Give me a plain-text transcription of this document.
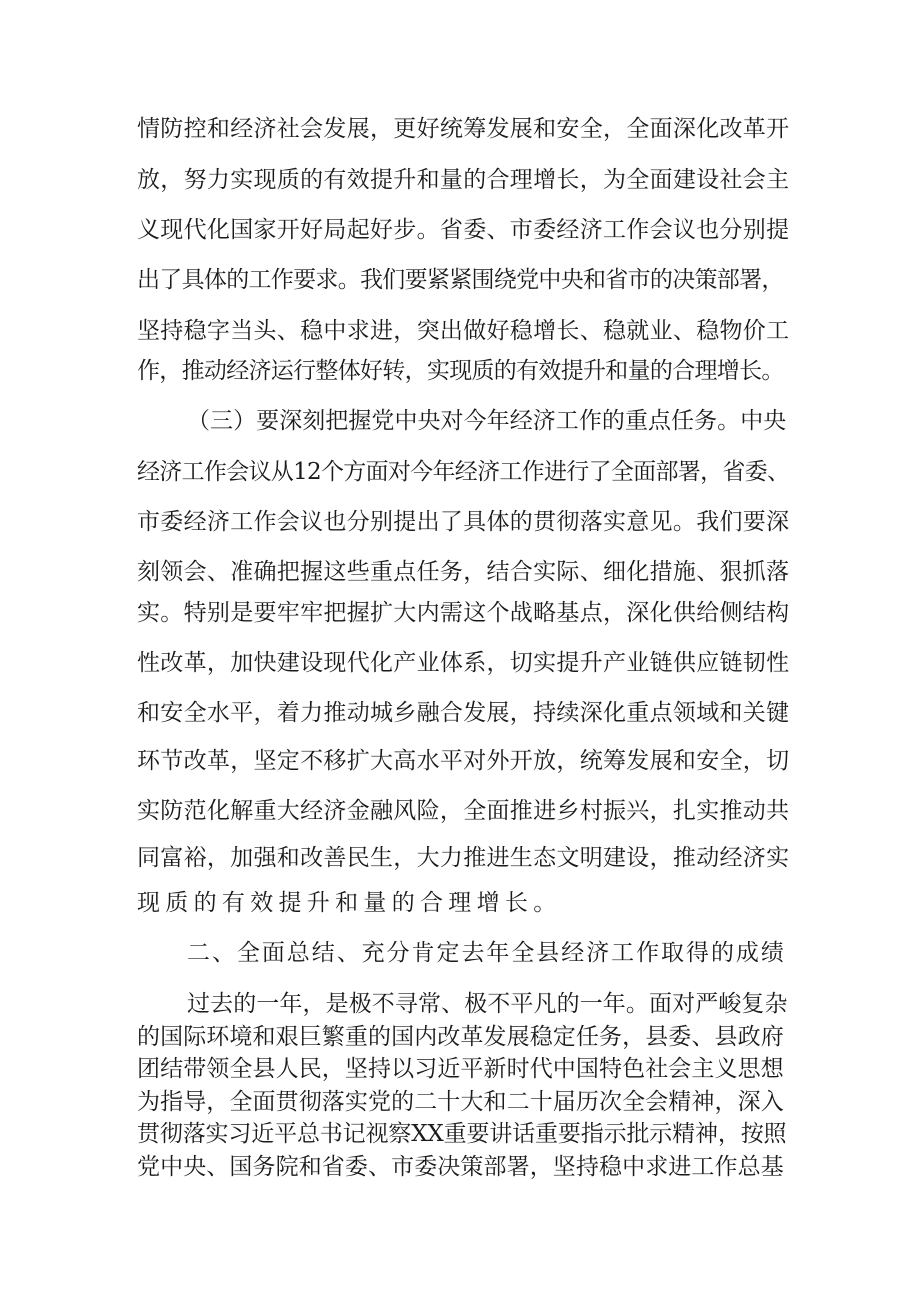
情防控和经济社会发展，更好统筹发展和安全，全面深化改革开
放，努力实现质的有效提升和量的合理增长，为全面建设社会主
义现代化国家开好局起好步。省委、市委经济工作会议也分别提
出了具体的工作要求。我们要紧紧围绕党中央和省市的决策部署，
坚持稳字当头、稳中求进，突出做好稳增长、稳就业、稳物价工
作，推动经济运行整体好转，实现质的有效提升和量的合理增长。
（三）要深刻把握党中央对今年经济工作的重点任务。中央
经济工作会议从12个方面对今年经济工作进行了全面部署，省委、
市委经济工作会议也分别提出了具体的贯彻落实意见。我们要深
刻领会、准确把握这些重点任务，结合实际、细化措施、狠抓落
实。特别是要牢牢把握扩大内需这个战略基点，深化供给侧结构
性改革，加快建设现代化产业体系，切实提升产业链供应链韧性
和安全水平，着力推动城乡融合发展，持续深化重点领域和关键
环节改革，坚定不移扩大高水平对外开放，统筹发展和安全，切
实防范化解重大经济金融风险，全面推进乡村振兴，扎实推动共
同富裕，加强和改善民生，大力推进生态文明建设，推动经济实
现质的有效提升和量的合理增长。
二、全面总结、充分肯定去年全县经济工作取得的成绩
过去的一年，是极不寻常、极不平凡的一年。面对严峻复杂
的国际环境和艰巨繁重的国内改革发展稳定任务，县委、县政府
团结带领全县人民，坚持以习近平新时代中国特色社会主义思想
为指导，全面贯彻落实党的二十大和二十届历次全会精神，深入
贯彻落实习近平总书记视察XX重要讲话重要指示批示精神，按照
党中央、国务院和省委、市委决策部署，坚持稳中求进工作总基
